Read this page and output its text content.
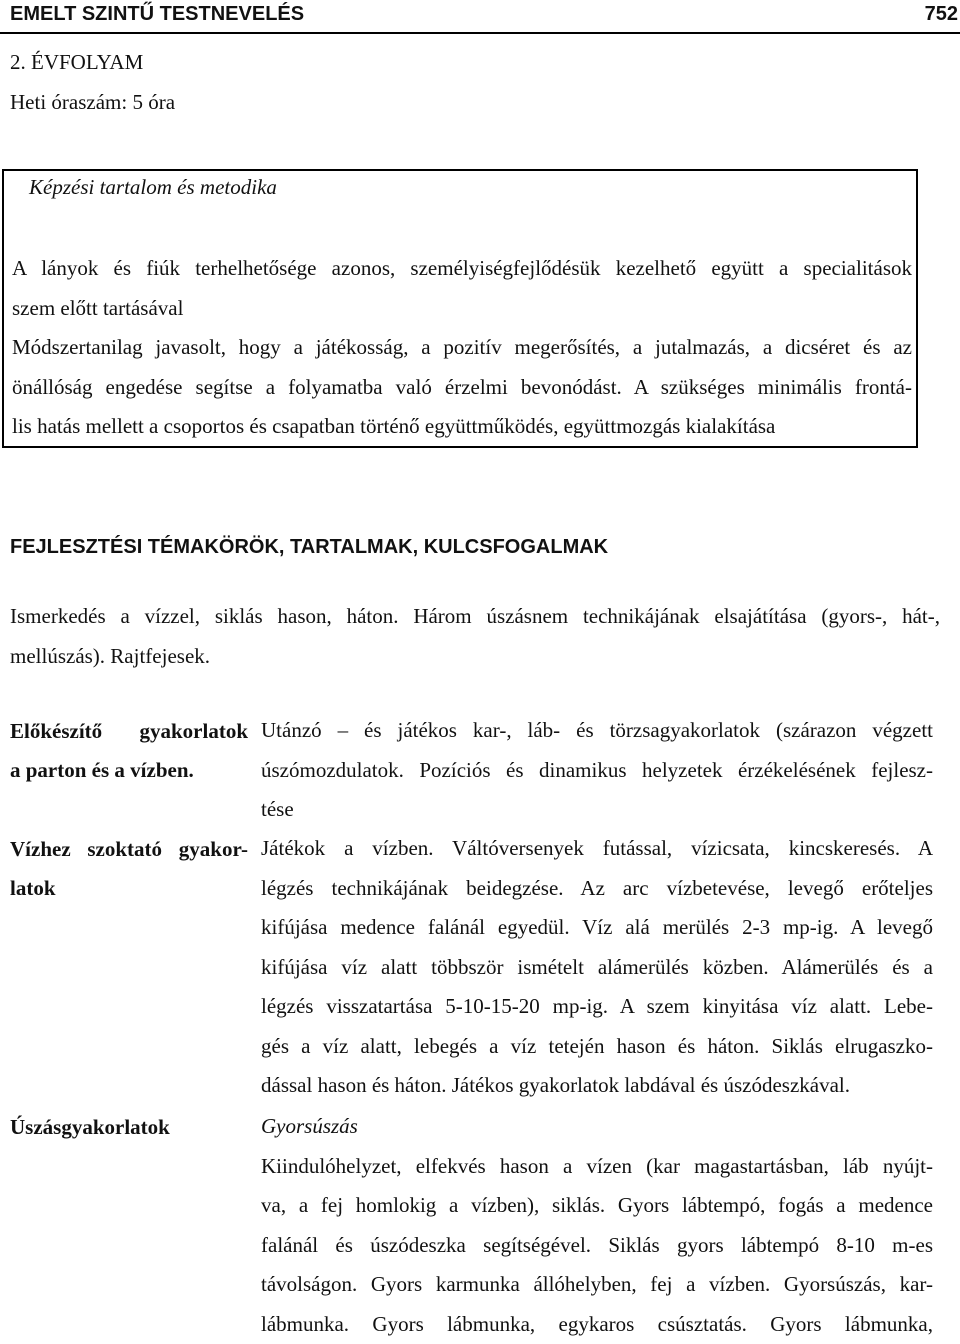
EMELT SZINTŰ TESTNEVELÉS	752
2. ÉVFOLYAM
Heti óraszám: 5 óra
Képzési tartalom és metodika
A lányok és fiúk terhelhetősége azonos, személyiségfejlődésük kezelhető együtt a specialitások
szem előtt tartásával
Módszertanilag javasolt, hogy a játékosság, a pozitív megerősítés, a jutalmazás, a dicséret és az
önállóság engedése segítse a folyamatba való érzelmi bevonódást. A szükséges minimális frontá-
lis hatás mellett a csoportos és csapatban történő együttműködés, együttmozgás kialakítása
FEJLESZTÉSI TÉMAKÖRÖK, TARTALMAK, KULCSFOGALMAK
Ismerkedés a vízzel, siklás hason, háton. Három úszásnem technikájának elsajátítása (gyors-, hát-,
mellúszás). Rajtfejesek.
Előkészítő gyakorlatok
a parton és a vízben.
Utánzó – és játékos kar-, láb- és törzsagyakorlatok (szárazon végzett
úszómozdulatok. Pozíciós és dinamikus helyzetek érzékelésének fejlesz-
tése
Vízhez szoktató gyakor-
latok
Játékok a vízben. Váltóversenyek futással, vízicsata, kincskeresés. A
légzés technikájának beidegzése. Az arc vízbetevése, levegő erőteljes
kifújása medence falánál egyedül. Víz alá merülés 2-3 mp-ig. A levegő
kifújása víz alatt többször ismételt alámerülés közben. Alámerülés és a
légzés visszatartása 5-10-15-20 mp-ig. A szem kinyitása víz alatt. Lebe-
gés a víz alatt, lebegés a víz tetején hason és háton. Siklás elrugaszko-
dással hason és háton. Játékos gyakorlatok labdával és úszódeszkával.
Úszásgyakorlatok	Gyorsúszás
Kiindulóhelyzet, elfekvés hason a vízen (kar magastartásban, láb nyújt-
va, a fej homlokig a vízben), siklás. Gyors lábtempó, fogás a medence
falánál és úszódeszka segítségével. Siklás gyors lábtempó 8-10 m-es
távolságon. Gyors karmunka állóhelyben, fej a vízben. Gyorsúszás, kar-
lábmunka. Gyors lábmunka, egykaros csúsztatás. Gyors lábmunka,
